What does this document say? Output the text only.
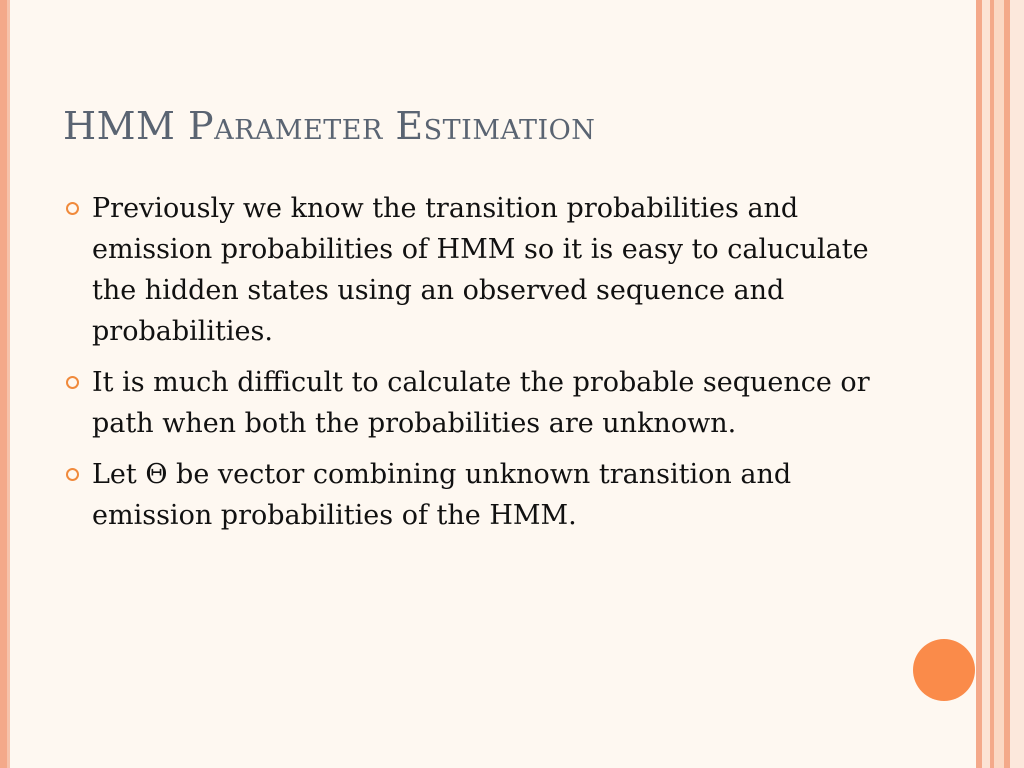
HMM Parameter Estimation
Previously we know the transition probabilities and emission probabilities of HMM so it is easy to caluculate the hidden states using an observed sequence and probabilities.
It is much difficult to calculate the probable sequence or path when both the probabilities are unknown.
Let Θ be vector combining unknown transition and emission probabilities of the HMM.
